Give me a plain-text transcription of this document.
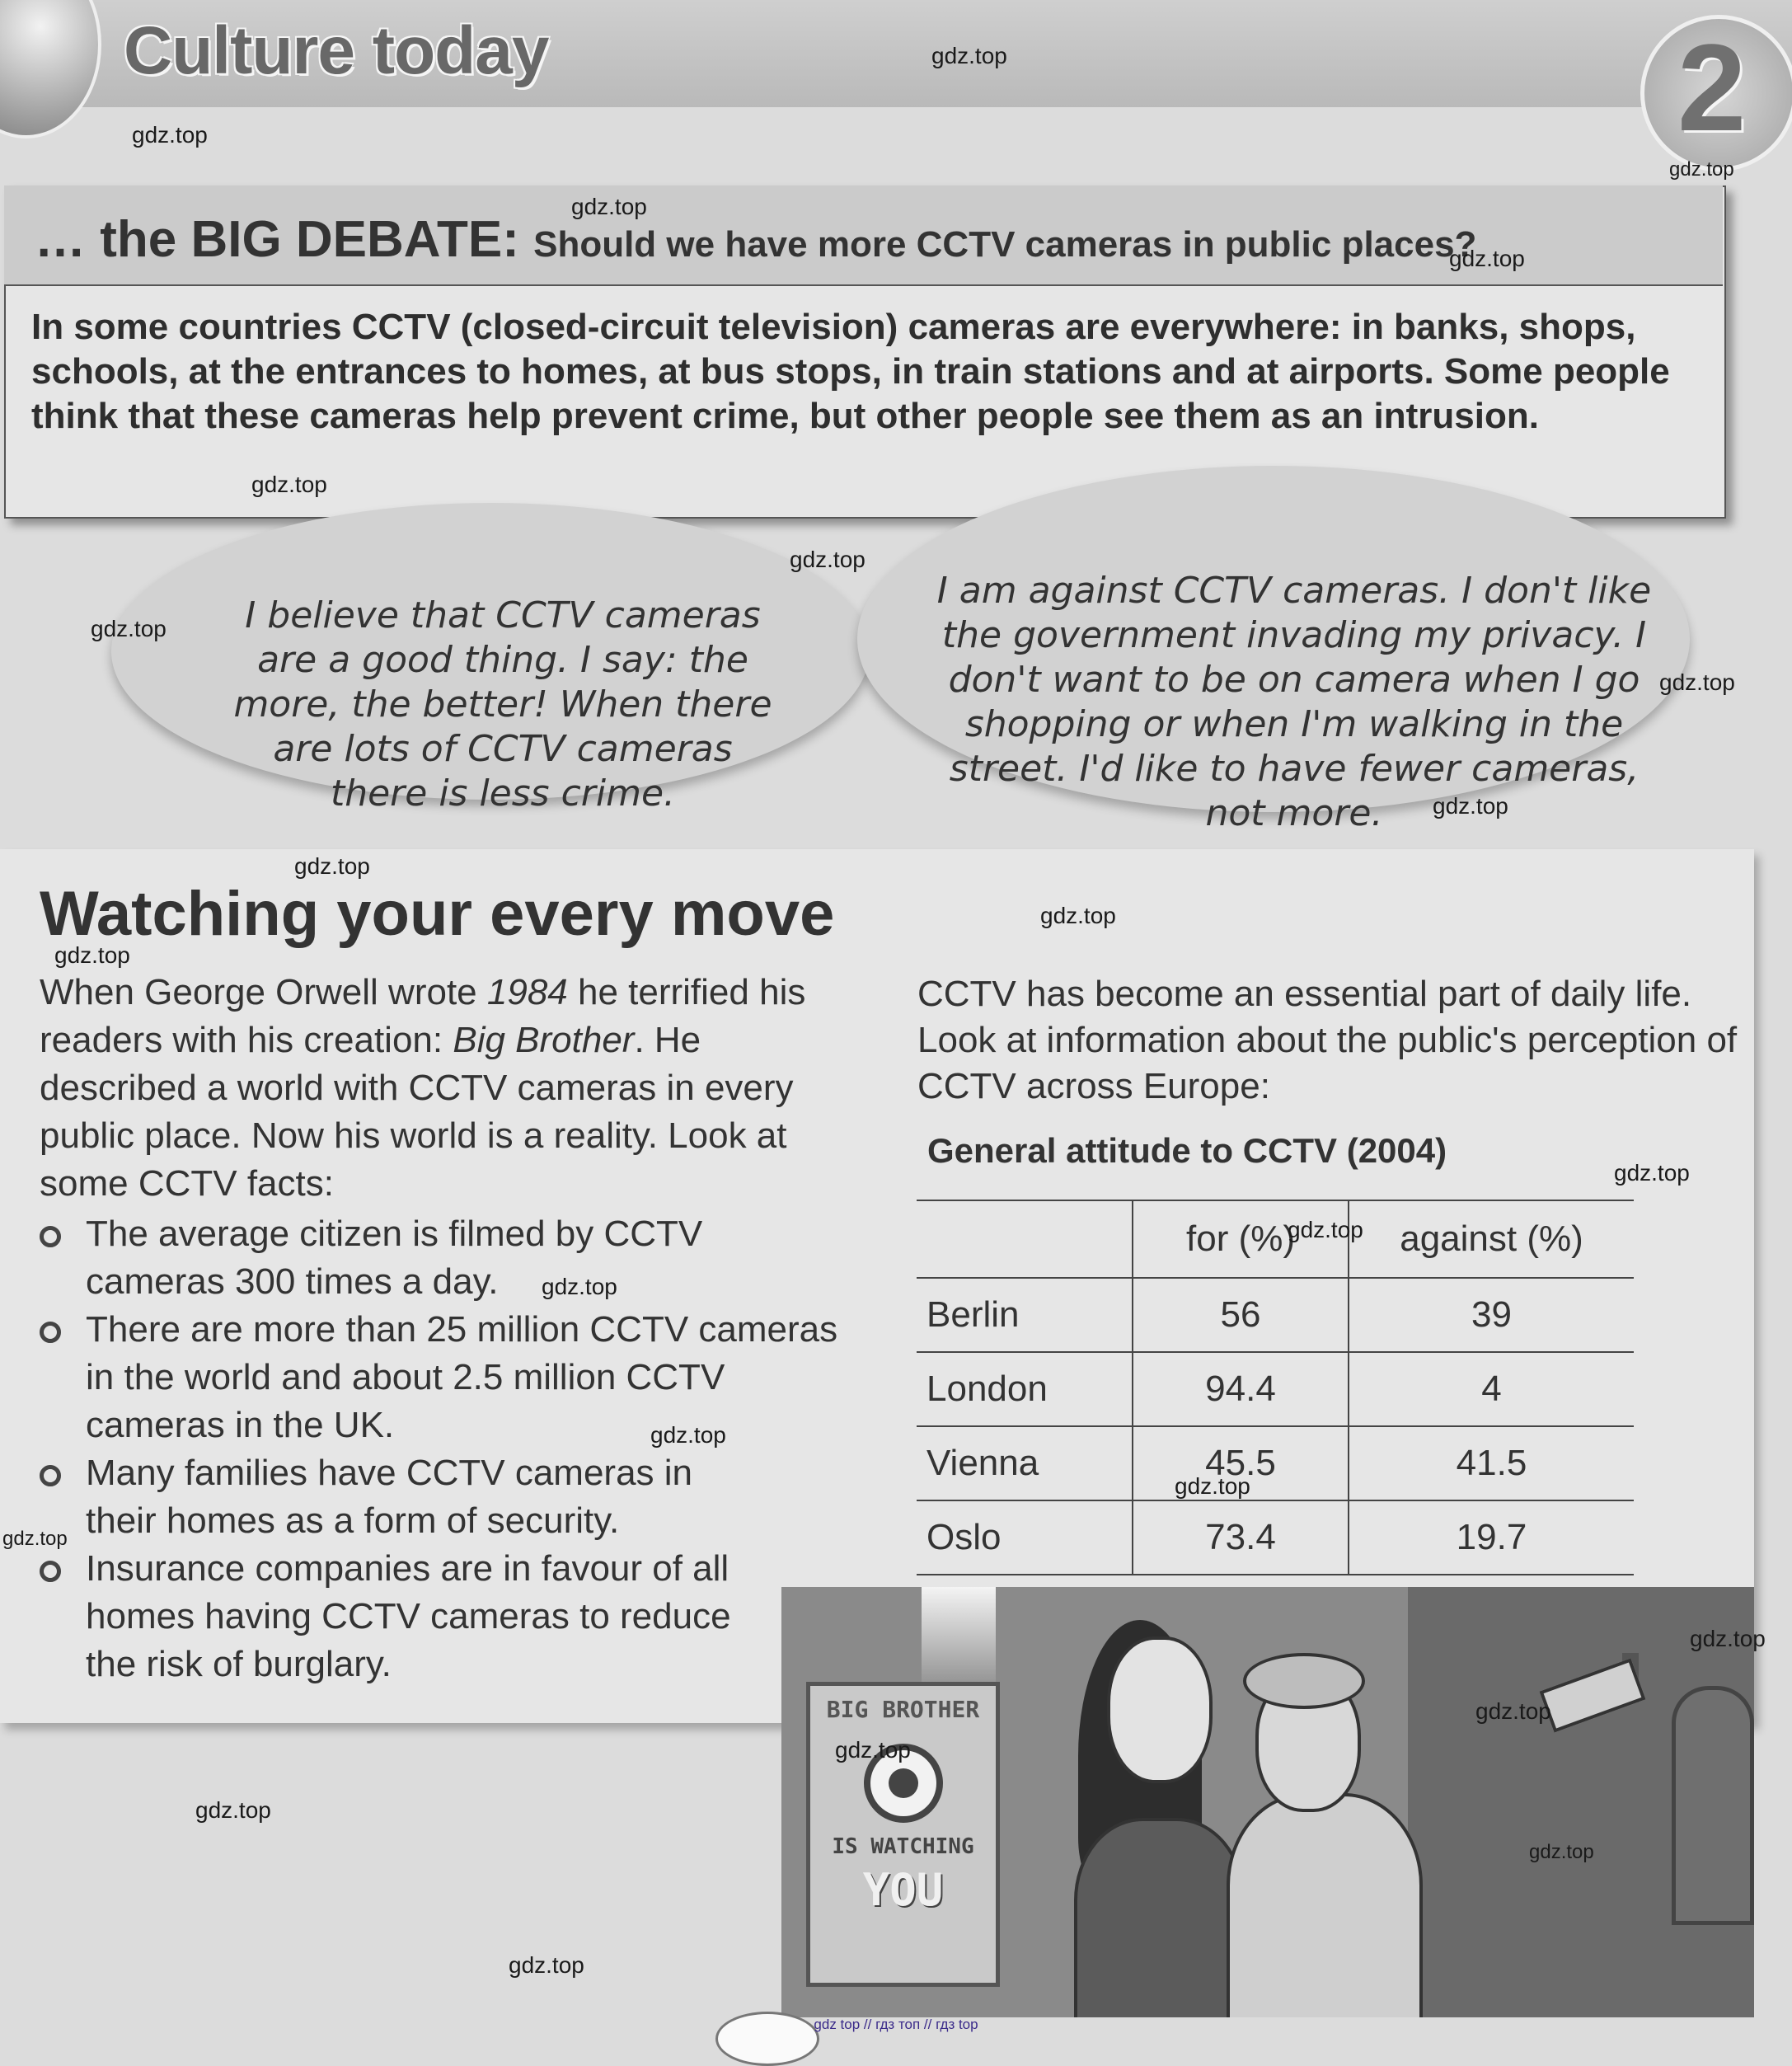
Culture today	2
… the BIG DEBATE: Should we have more CCTV cameras in public places?
In some countries CCTV (closed-circuit television) cameras are everywhere: in banks, shops, schools, at the entrances to homes, at bus stops, in train stations and at airports. Some people think that these cameras help prevent crime, but other people see them as an intrusion.
I believe that CCTV cameras are a good thing. I say: the more, the better! When there are lots of CCTV cameras there is less crime.
I am against CCTV cameras. I don't like the government invading my privacy. I don't want to be on camera when I go shopping or when I'm walking in the street. I'd like to have fewer cameras, not more.
Watching your every move
When George Orwell wrote 1984 he terrified his readers with his creation: Big Brother. He described a world with CCTV cameras in every public place. Now his world is a reality. Look at some CCTV facts:
The average citizen is filmed by CCTV cameras 300 times a day.
There are more than 25 million CCTV cameras in the world and about 2.5 million CCTV cameras in the UK.
Many families have CCTV cameras in their homes as a form of security.
Insurance companies are in favour of all homes having CCTV cameras to reduce the risk of burglary.
CCTV has become an essential part of daily life. Look at information about the public's perception of CCTV across Europe:
General attitude to CCTV (2004)
	for (%)	against (%)
Berlin	56	39
London	94.4	4
Vienna	45.5	41.5
Oslo	73.4	19.7
BIG BROTHER
IS WATCHING
YOU
gdz.top
gdz.top
gdz.top
gdz.top
gdz.top
gdz.top
gdz.top
gdz.top
gdz.top
gdz.top
gdz.top
gdz.top
gdz.top
gdz.top
gdz.top
gdz.top
gdz.top
gdz.top
gdz.top
gdz.top
gdz.top
gdz.top
gdz.top
gdz.top
gdz.top
gdz top // гдз топ // гдз top
